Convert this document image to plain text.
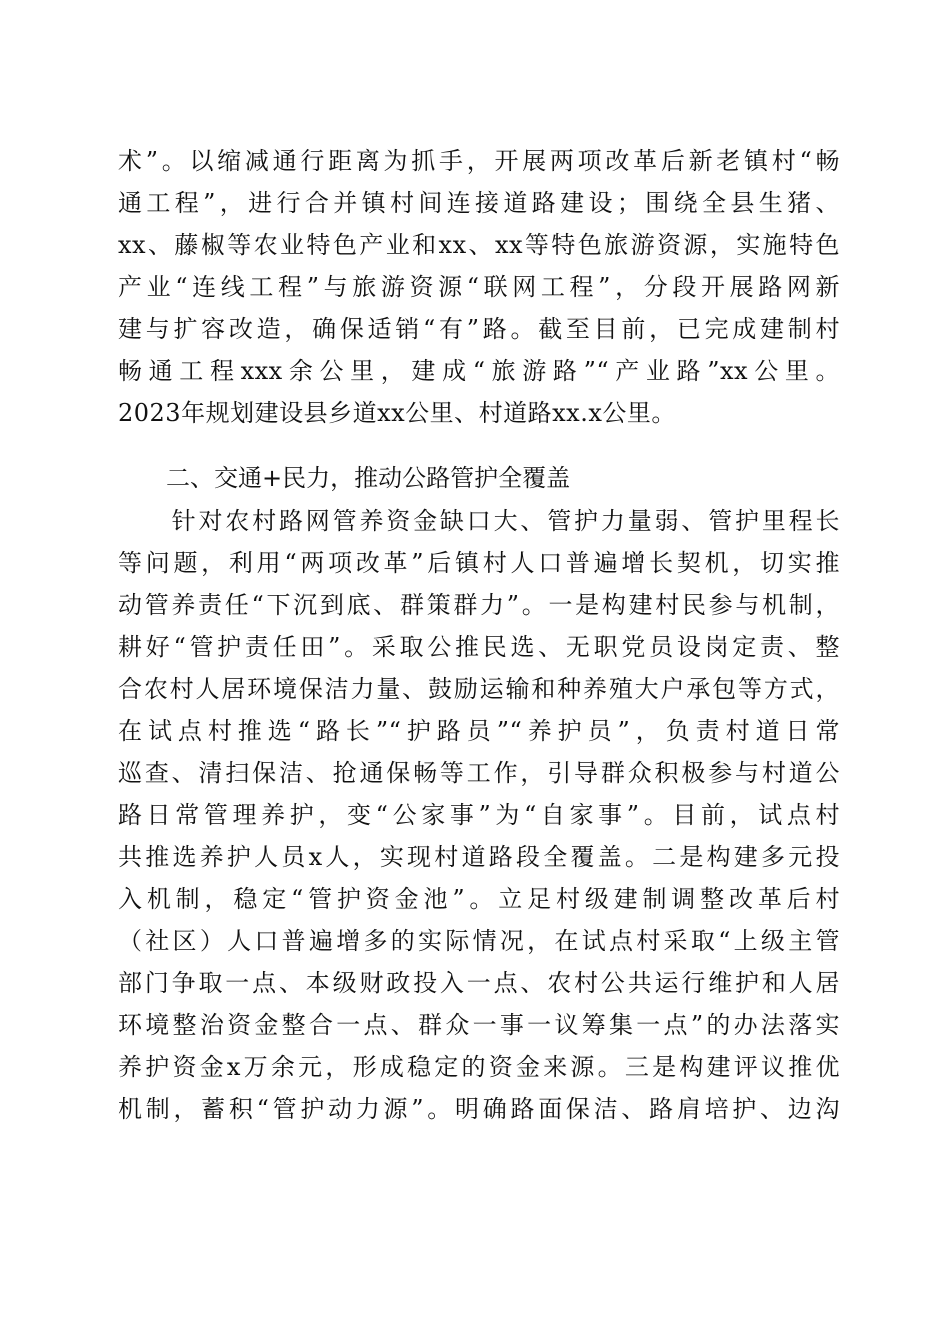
术”。以缩减通行距离为抓手，开展两项改革后新老镇村“畅
通工程”，进行合并镇村间连接道路建设；围绕全县生猪、
xx、藤椒等农业特色产业和xx、xx等特色旅游资源，实施特色
产业“连线工程”与旅游资源“联网工程”，分段开展路网新
建与扩容改造，确保适销“有”路。截至目前，已完成建制村
畅通工程xxx余公里，建成“旅游路”“产业路”xx公里。
2023年规划建设县乡道xx公里、村道路xx.x公里。
二、交通+民力，推动公路管护全覆盖
　　针对农村路网管养资金缺口大、管护力量弱、管护里程长
等问题，利用“两项改革”后镇村人口普遍增长契机，切实推
动管养责任“下沉到底、群策群力”。一是构建村民参与机制，
耕好“管护责任田”。采取公推民选、无职党员设岗定责、整
合农村人居环境保洁力量、鼓励运输和种养殖大户承包等方式，
在试点村推选“路长”“护路员”“养护员”，负责村道日常
巡查、清扫保洁、抢通保畅等工作，引导群众积极参与村道公
路日常管理养护，变“公家事”为“自家事”。目前，试点村
共推选养护人员x人，实现村道路段全覆盖。二是构建多元投
入机制，稳定“管护资金池”。立足村级建制调整改革后村
（社区）人口普遍增多的实际情况，在试点村采取“上级主管
部门争取一点、本级财政投入一点、农村公共运行维护和人居
环境整治资金整合一点、群众一事一议筹集一点”的办法落实
养护资金x万余元，形成稳定的资金来源。三是构建评议推优
机制，蓄积“管护动力源”。明确路面保洁、路肩培护、边沟
